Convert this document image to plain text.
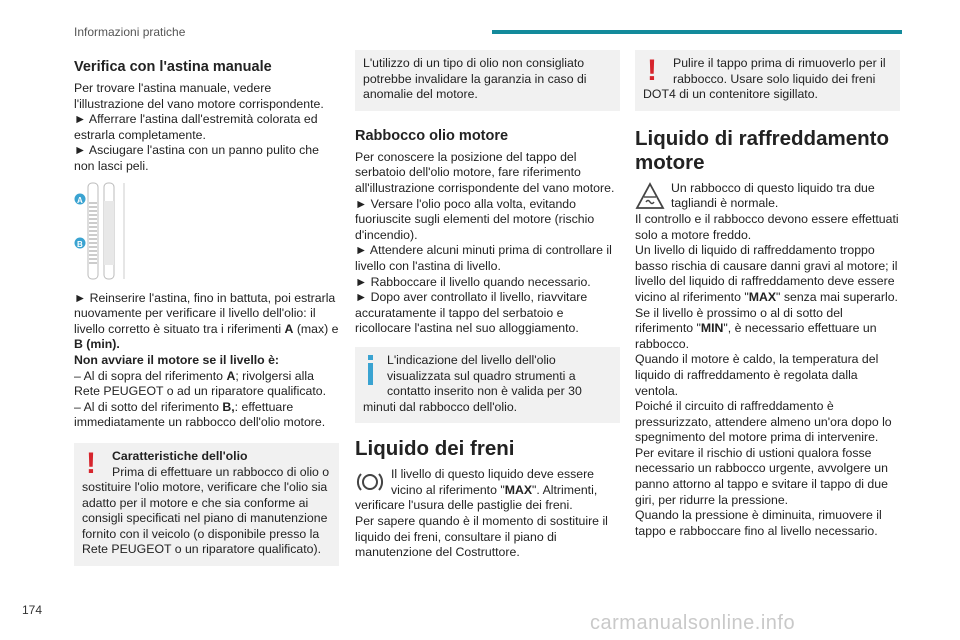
Informazioni pratiche
Verifica con l'astina manuale

Per trovare l'astina manuale, vedere l'illustrazione del vano motore corrispondente.

► Afferrare l'astina dall'estremità colorata ed estrarla completamente.

► Asciugare l'astina con un panno pulito che non lasci peli.

A
B

► Reinserire l'astina, fino in battuta, poi estrarla nuovamente per verificare il livello dell'olio: il livello corretto è situato tra i riferimenti A (max) e B (min).

Non avviare il motore se il livello è:

– Al di sopra del riferimento A; rivolgersi alla Rete PEUGEOT o ad un riparatore qualificato.

– Al di sotto del riferimento B,: effettuare immediatamente un rabbocco dell'olio motore.

!	Caratteristiche dell'olio

Prima di effettuare un rabbocco di olio o sostituire l'olio motore, verificare che l'olio sia adatto per il motore e che sia conforme ai consigli specificati nel piano di manutenzione fornito con il veicolo (o disponibile presso la Rete PEUGEOT o un riparatore qualificato).

L'utilizzo di un tipo di olio non consigliato potrebbe invalidare la garanzia in caso di anomalie del motore.

Rabbocco olio motore

Per conoscere la posizione del tappo del serbatoio dell'olio motore, fare riferimento all'illustrazione corrispondente del vano motore.

► Versare l'olio poco alla volta, evitando fuoriuscite sugli elementi del motore (rischio d'incendio).

► Attendere alcuni minuti prima di controllare il livello con l'astina di livello.

► Rabboccare il livello quando necessario.

► Dopo aver controllato il livello, riavvitare accuratamente il tappo del serbatoio e ricollocare l'astina nel suo alloggiamento.

L'indicazione del livello dell'olio visualizzata sul quadro strumenti a contatto inserito non è valida per 30 minuti dal rabbocco dell'olio.

Liquido dei freni

Il livello di questo liquido deve essere vicino al riferimento "MAX". Altrimenti, verificare l'usura delle pastiglie dei freni.

Per sapere quando è il momento di sostituire il liquido dei freni, consultare il piano di manutenzione del Costruttore.

!	Pulire il tappo prima di rimuoverlo per il rabbocco. Usare solo liquido dei freni DOT4 di un contenitore sigillato.

Liquido di raffreddamento motore

Un rabbocco di questo liquido tra due tagliandi è normale.

Il controllo e il rabbocco devono essere effettuati solo a motore freddo.

Un livello di liquido di raffreddamento troppo basso rischia di causare danni gravi al motore; il livello del liquido di raffreddamento deve essere vicino al riferimento "MAX" senza mai superarlo.

Se il livello è prossimo o al di sotto del riferimento "MIN", è necessario effettuare un rabbocco.

Quando il motore è caldo, la temperatura del liquido di raffreddamento è regolata dalla ventola.

Poiché il circuito di raffreddamento è pressurizzato, attendere almeno un'ora dopo lo spegnimento del motore prima di intervenire.

Per evitare il rischio di ustioni qualora fosse necessario un rabbocco urgente, avvolgere un panno attorno al tappo e svitare il tappo di due giri, per ridurre la pressione.

Quando la pressione è diminuita, rimuovere il tappo e rabboccare fino al livello necessario.

174
carmanualsonline.info
